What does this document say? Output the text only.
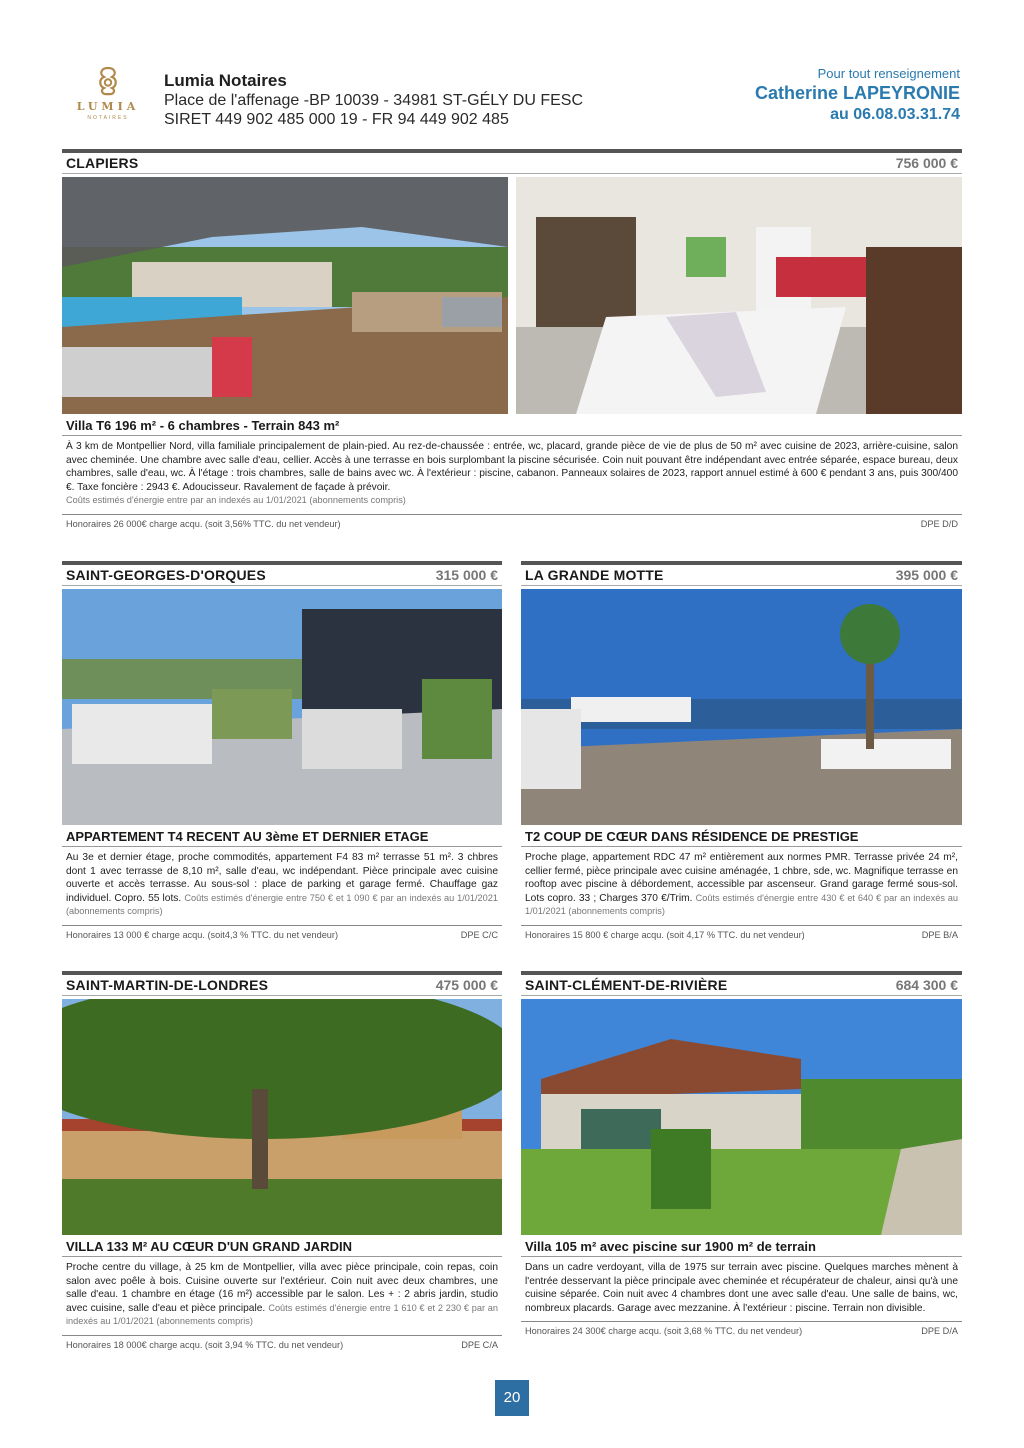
LUMIA
NOTAIRES
Lumia Notaires
Place de l'affenage -BP 10039 - 34981 ST-GÉLY DU FESC
SIRET 449 902 485 000 19 - FR 94 449 902 485
Pour tout renseignement
Catherine LAPEYRONIE
au 06.08.03.31.74
CLAPIERS	756 000 €
Villa T6 196 m² - 6 chambres - Terrain 843 m²
À 3 km de Montpellier Nord, villa familiale principalement de plain-pied. Au rez-de-chaussée : entrée, wc, placard, grande pièce de vie de plus de 50 m² avec cuisine de 2023, arrière-cuisine, salon avec cheminée. Une chambre avec salle d'eau, cellier. Accès à une terrasse en bois surplombant la piscine sécurisée. Coin nuit pouvant être indépendant avec entrée séparée, espace bureau, deux chambres, salle d'eau, wc. À l'étage : trois chambres, salle de bains avec wc. À l'extérieur : piscine, cabanon. Panneaux solaires de 2023, rapport annuel estimé à 600 € pendant 3 ans, puis 300/400 €. Taxe foncière : 2943 €. Adoucisseur. Ravalement de façade à prévoir.
Coûts estimés d'énergie entre par an indexés au 1/01/2021 (abonnements compris)
Honoraires 26 000€ charge acqu. (soit 3,56% TTC. du net vendeur)	DPE D/D
SAINT-GEORGES-D'ORQUES	315 000 €
APPARTEMENT T4 RECENT AU 3ème ET DERNIER ETAGE
Au 3e et dernier étage, proche commodités, appartement F4 83 m² terrasse 51 m². 3 chbres dont 1 avec terrasse de 8,10 m², salle d'eau, wc indépendant. Pièce principale avec cuisine ouverte et accès terrasse. Au sous-sol : place de parking et garage fermé. Chauffage gaz individuel. Copro. 55 lots. Coûts estimés d'énergie entre 750 € et 1 090 € par an indexés au 1/01/2021 (abonnements compris)
Honoraires 13 000 € charge acqu. (soit4,3 % TTC. du net vendeur)	DPE C/C
LA GRANDE MOTTE	395 000 €
T2 COUP DE CŒUR DANS RÉSIDENCE DE PRESTIGE
Proche plage, appartement RDC 47 m² entièrement aux normes PMR. Terrasse privée 24 m², cellier fermé, pièce principale avec cuisine aménagée, 1 chbre, sde, wc. Magnifique terrasse en rooftop avec piscine à débordement, accessible par ascenseur. Grand garage fermé sous-sol. Lots copro. 33 ; Charges 370 €/Trim. Coûts estimés d'énergie entre 430 € et 640 € par an indexés au 1/01/2021 (abonnements compris)
Honoraires 15 800 € charge acqu. (soit 4,17 % TTC. du net vendeur)	DPE B/A
SAINT-MARTIN-DE-LONDRES	475 000 €
VILLA 133 M² AU CŒUR D'UN GRAND JARDIN
Proche centre du village, à 25 km de Montpellier, villa avec pièce principale, coin repas, coin salon avec poêle à bois. Cuisine ouverte sur l'extérieur. Coin nuit avec deux chambres, une salle d'eau. 1 chambre en étage (16 m²) accessible par le salon. Les + : 2 abris jardin, studio avec cuisine, salle d'eau et pièce principale. Coûts estimés d'énergie entre 1 610 € et 2 230 € par an indexés au 1/01/2021 (abonnements compris)
Honoraires 18 000€ charge acqu. (soit 3,94 % TTC. du net vendeur)	DPE C/A
SAINT-CLÉMENT-DE-RIVIÈRE	684 300 €
Villa 105 m² avec piscine sur 1900 m² de terrain
Dans un cadre verdoyant, villa de 1975 sur terrain avec piscine. Quelques marches mènent à l'entrée desservant la pièce principale avec cheminée et récupérateur de chaleur, ainsi qu'à une cuisine séparée. Coin nuit avec 4 chambres dont une avec salle d'eau. Une salle de bains, wc, nombreux placards. Garage avec mezzanine. À l'extérieur : piscine. Terrain non divisible.
Honoraires 24 300€ charge acqu. (soit 3,68 % TTC. du net vendeur)	DPE D/A
20
